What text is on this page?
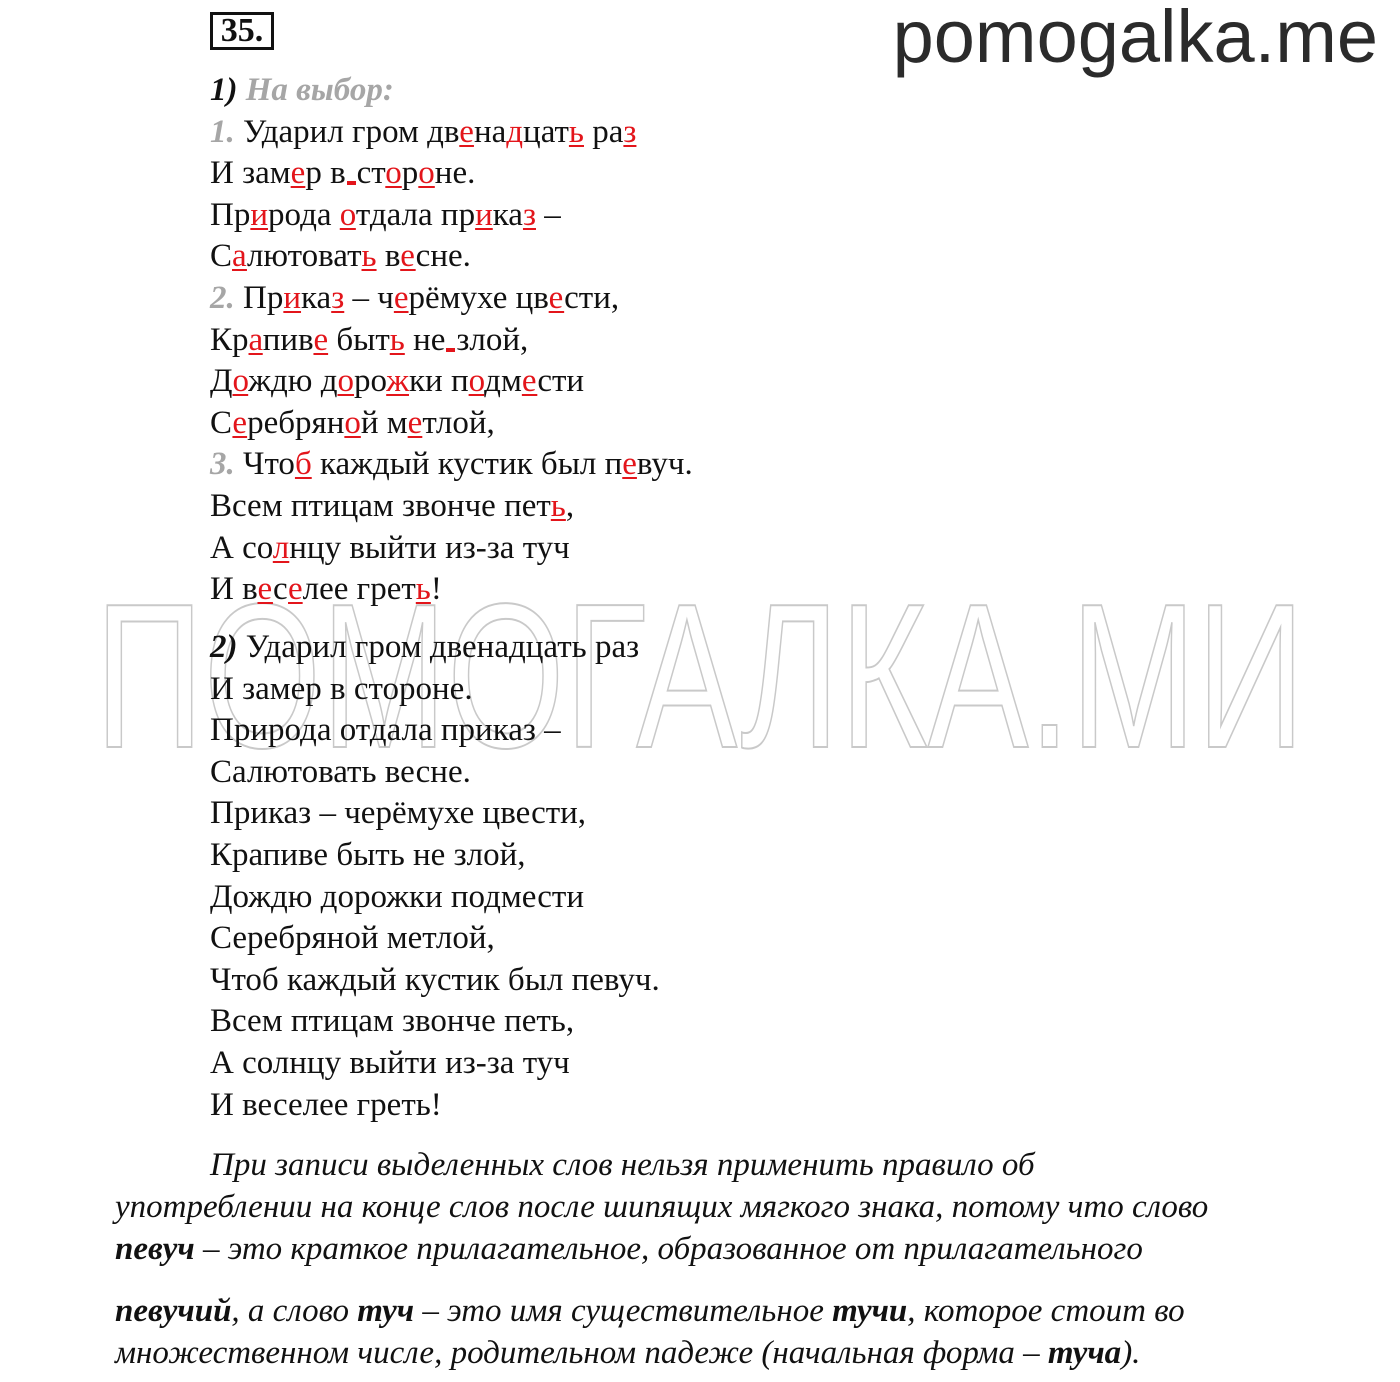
35.	pomogalka.me
ПОМОГАЛКА.МИ
1) На выбор:
1. Ударил гром двенадцать раз
И замер в стороне.
Природа отдала приказ –
Салютовать весне.
2. Приказ – черёмухе цвести,
Крапиве быть не злой,
Дождю дорожки подмести
Серебряной метлой,
3. Чтоб каждый кустик был певуч.
Всем птицам звонче петь,
А солнцу выйти из-за туч
И веселее греть!
2) Ударил гром двенадцать раз
И замер в стороне.
Природа отдала приказ –
Салютовать весне.
Приказ – черёмухе цвести,
Крапиве быть не злой,
Дождю дорожки подмести
Серебряной метлой,
Чтоб каждый кустик был певуч.
Всем птицам звонче петь,
А солнцу выйти из-за туч
И веселее греть!
При записи выделенных слов нельзя применить правило об
употреблении на конце слов после шипящих мягкого знака, потому что слово
певуч – это краткое прилагательное, образованное от прилагательного
певучий, а слово туч – это имя существительное тучи, которое стоит во
множественном числе, родительном падеже (начальная форма – туча).
